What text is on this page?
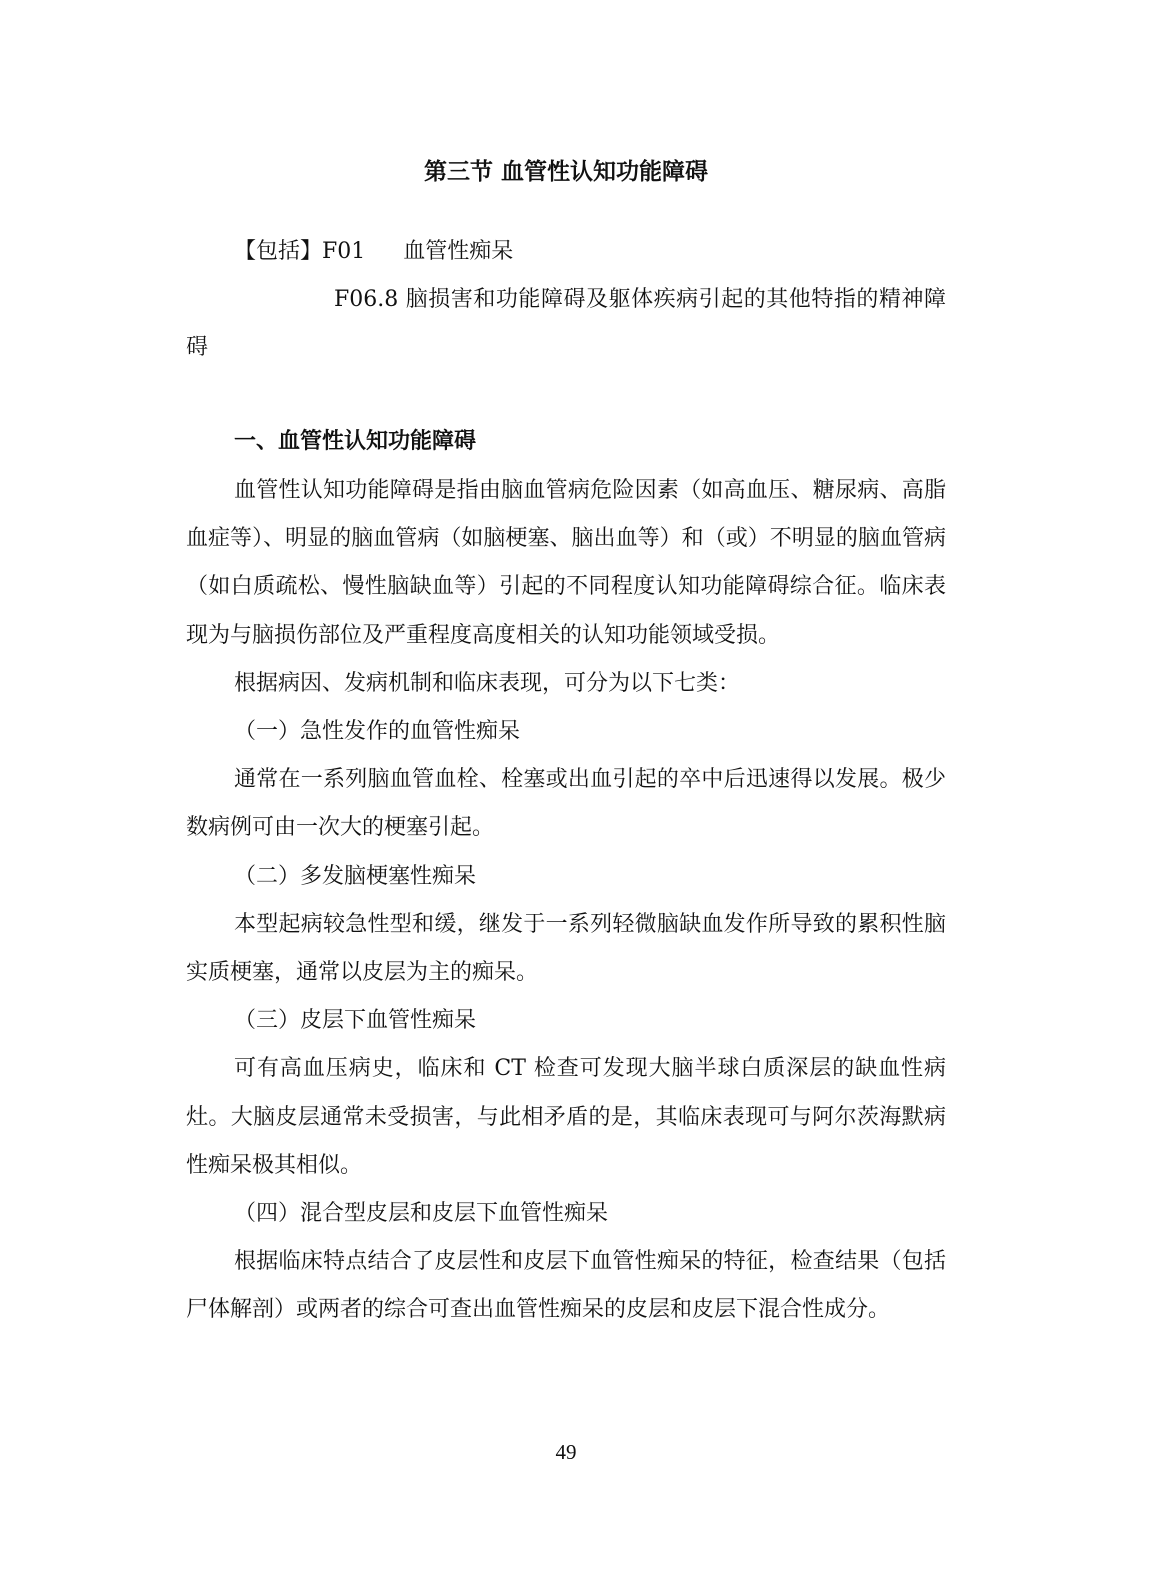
第三节 血管性认知功能障碍
【包括】F01 血管性痴呆
F06.8 脑损害和功能障碍及躯体疾病引起的其他特指的精神障碍
一、血管性认知功能障碍

血管性认知功能障碍是指由脑血管病危险因素（如高血压、糖尿病、高脂血症等）、明显的脑血管病（如脑梗塞、脑出血等）和（或）不明显的脑血管病（如白质疏松、慢性脑缺血等）引起的不同程度认知功能障碍综合征。临床表现为与脑损伤部位及严重程度高度相关的认知功能领域受损。

根据病因、发病机制和临床表现，可分为以下七类：

（一）急性发作的血管性痴呆

通常在一系列脑血管血栓、栓塞或出血引起的卒中后迅速得以发展。极少数病例可由一次大的梗塞引起。

（二）多发脑梗塞性痴呆

本型起病较急性型和缓，继发于一系列轻微脑缺血发作所导致的累积性脑实质梗塞，通常以皮层为主的痴呆。

（三）皮层下血管性痴呆

可有高血压病史，临床和 CT 检查可发现大脑半球白质深层的缺血性病灶。大脑皮层通常未受损害，与此相矛盾的是，其临床表现可与阿尔茨海默病性痴呆极其相似。

（四）混合型皮层和皮层下血管性痴呆

根据临床特点结合了皮层性和皮层下血管性痴呆的特征，检查结果（包括尸体解剖）或两者的综合可查出血管性痴呆的皮层和皮层下混合性成分。

49
